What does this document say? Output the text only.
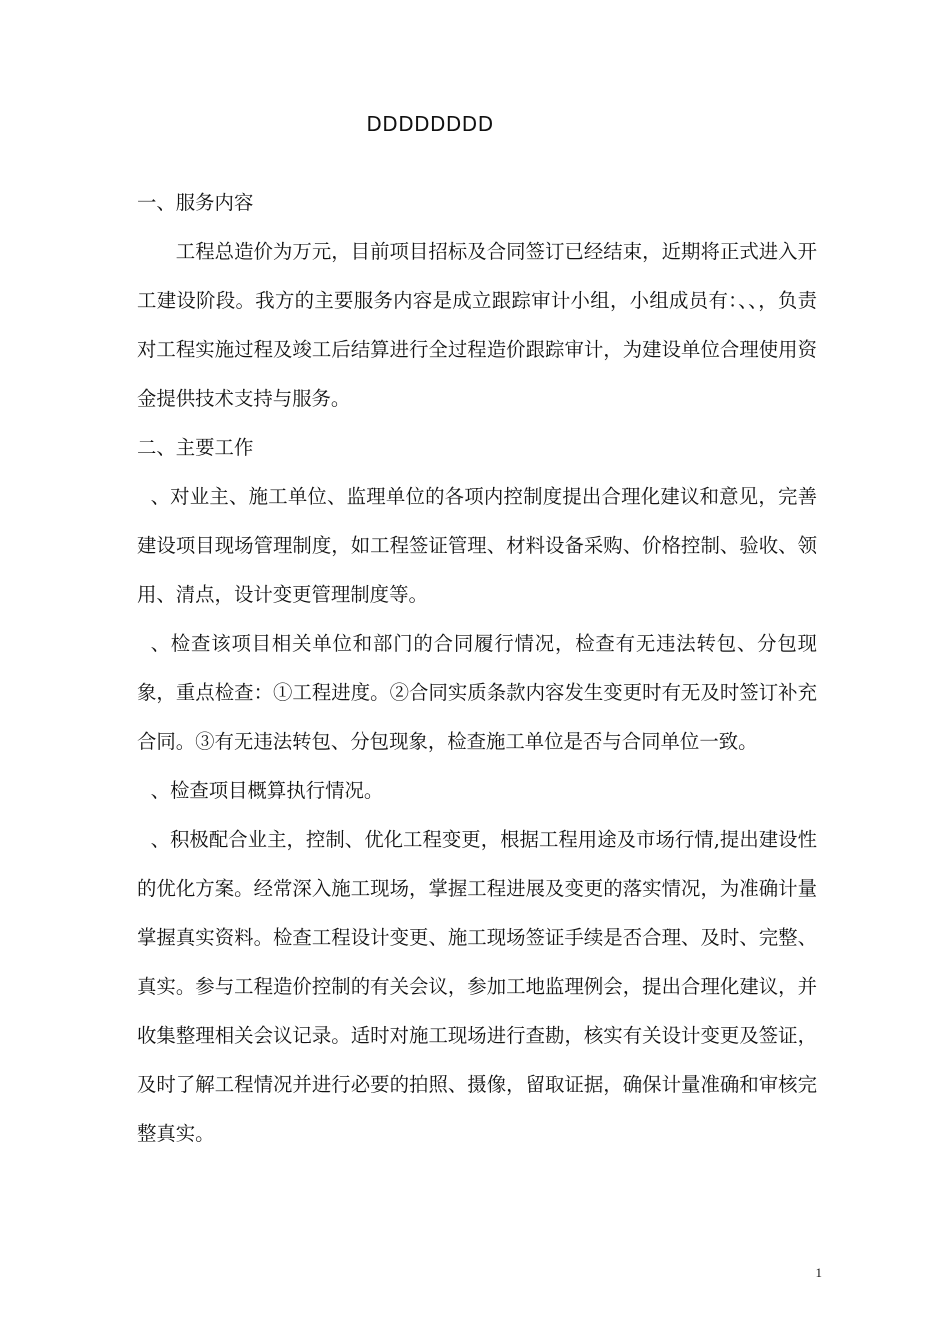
DDDDDDDD

一、服务内容

工程总造价为万元，目前项目招标及合同签订已经结束，近期将正式进入开工建设阶段。我方的主要服务内容是成立跟踪审计小组，小组成员有：、、，负责对工程实施过程及竣工后结算进行全过程造价跟踪审计，为建设单位合理使用资金提供技术支持与服务。

二、主要工作

、对业主、施工单位、监理单位的各项内控制度提出合理化建议和意见，完善建设项目现场管理制度，如工程签证管理、材料设备采购、价格控制、验收、领用、清点，设计变更管理制度等。

、检查该项目相关单位和部门的合同履行情况，检查有无违法转包、分包现象，重点检查：①工程进度。②合同实质条款内容发生变更时有无及时签订补充合同。③有无违法转包、分包现象，检查施工单位是否与合同单位一致。

、检查项目概算执行情况。

、积极配合业主，控制、优化工程变更，根据工程用途及市场行情,提出建设性的优化方案。经常深入施工现场，掌握工程进展及变更的落实情况，为准确计量掌握真实资料。检查工程设计变更、施工现场签证手续是否合理、及时、完整、真实。参与工程造价控制的有关会议，参加工地监理例会，提出合理化建议，并收集整理相关会议记录。适时对施工现场进行查勘，核实有关设计变更及签证，及时了解工程情况并进行必要的拍照、摄像，留取证据，确保计量准确和审核完整真实。

1
